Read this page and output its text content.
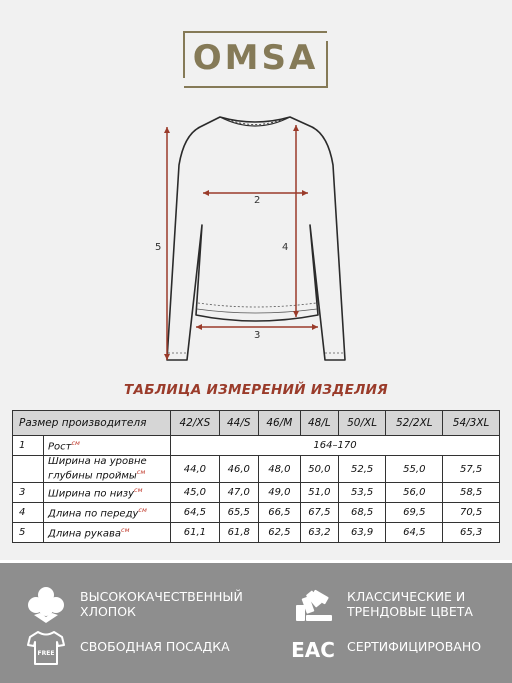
OMSA
2
4
5
3
ТАБЛИЦА ИЗМЕРЕНИЙ ИЗДЕЛИЯ
Размер производителя		42/XS	44/S	46/M	48/L	50/XL	52/2XL	54/3XL
1	Рост$^{см}$	164–170						
	Ширина на уровне глубины проймы$^{см}$	44,0	46,0	48,0	50,0	52,5	55,0	57,5
3	Ширина по низу$^{см}$	45,0	47,0	49,0	51,0	53,5	56,0	58,5
4	Длина по переду$^{см}$	64,5	65,5	66,5	67,5	68,5	69,5	70,5
5	Длина рукава$^{см}$	61,1	61,8	62,5	63,2	63,9	64,5	65,3
ВЫСОКОКАЧЕСТВЕННЫЙ ХЛОПОК
КЛАССИЧЕСКИЕ И ТРЕНДОВЫЕ ЦВЕТА
FREE СВОБОДНАЯ ПОСАДКА	EAC СЕРТИФИЦИРОВАНО
